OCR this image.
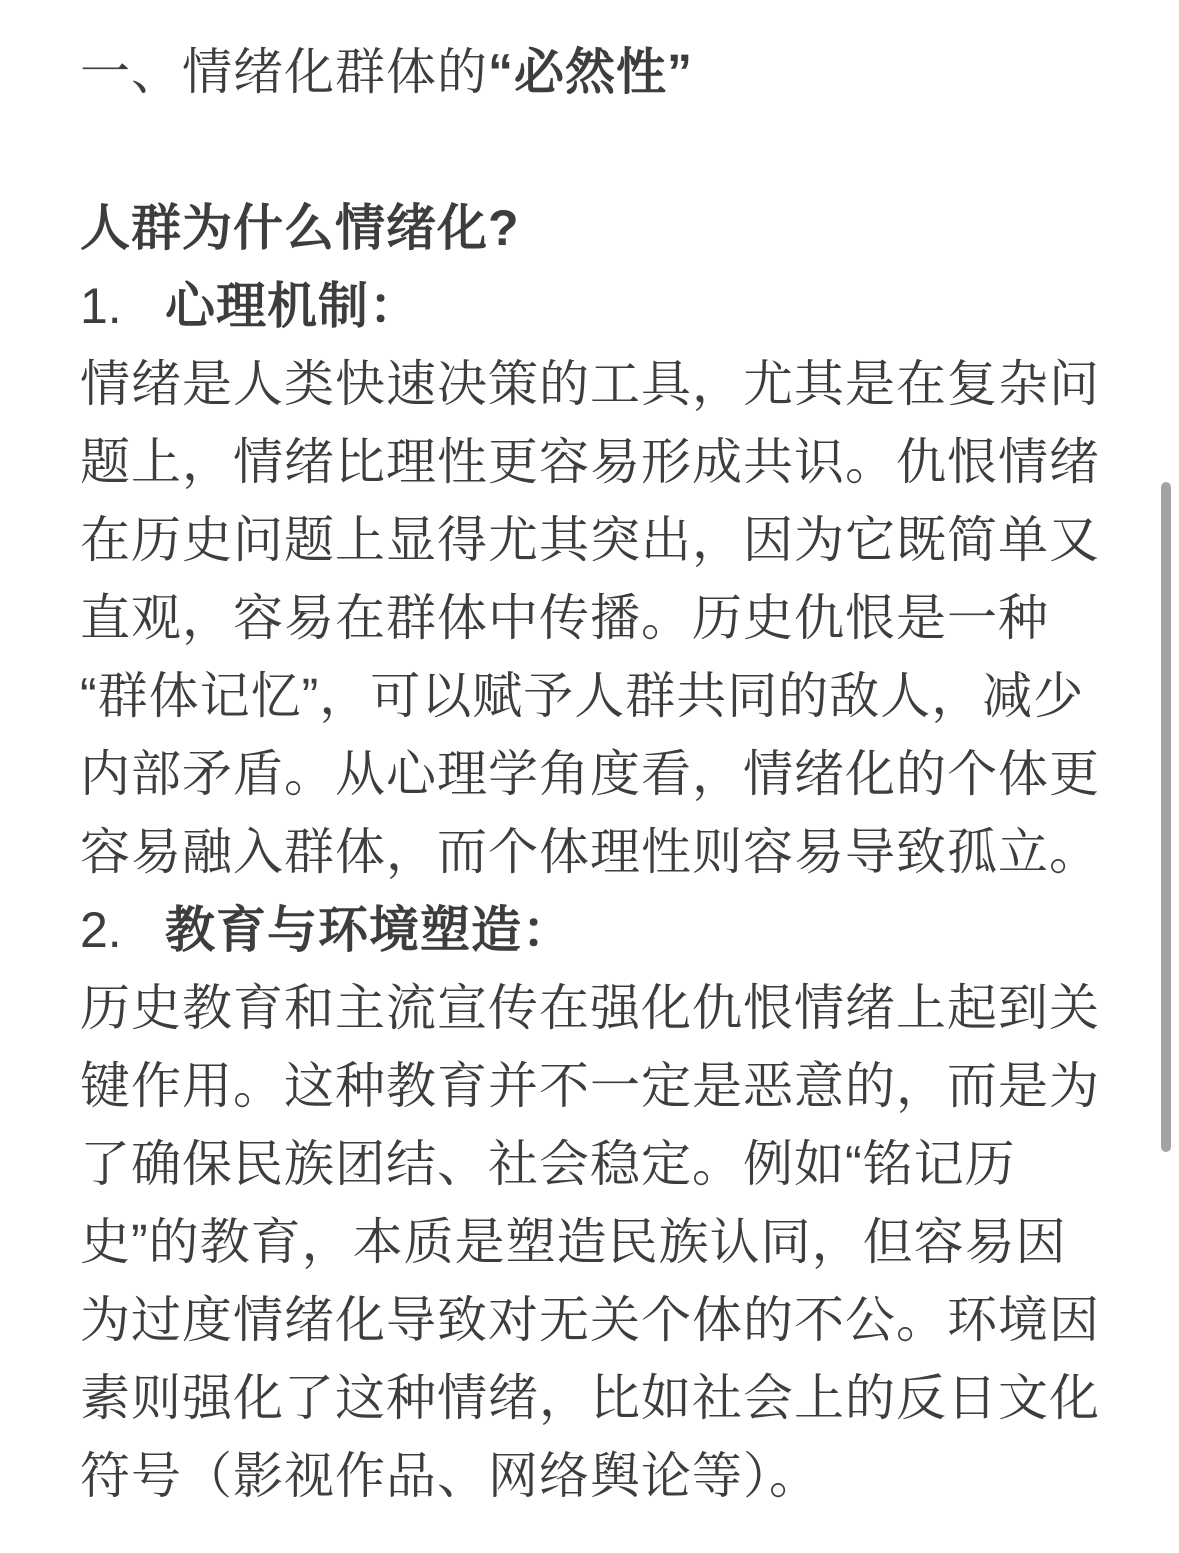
一、情绪化群体的“必然性”
人群为什么情绪化?
1. 心理机制：
情绪是人类快速决策的工具，尤其是在复杂问
题上，情绪比理性更容易形成共识。仇恨情绪
在历史问题上显得尤其突出，因为它既简单又
直观，容易在群体中传播。历史仇恨是一种
“群体记忆”，可以赋予人群共同的敌人，减少
内部矛盾。从心理学角度看，情绪化的个体更
容易融入群体，而个体理性则容易导致孤立。
2. 教育与环境塑造：
历史教育和主流宣传在强化仇恨情绪上起到关
键作用。这种教育并不一定是恶意的，而是为
了确保民族团结、社会稳定。例如“铭记历
史”的教育，本质是塑造民族认同，但容易因
为过度情绪化导致对无关个体的不公。环境因
素则强化了这种情绪，比如社会上的反日文化
符号（影视作品、网络舆论等）。
